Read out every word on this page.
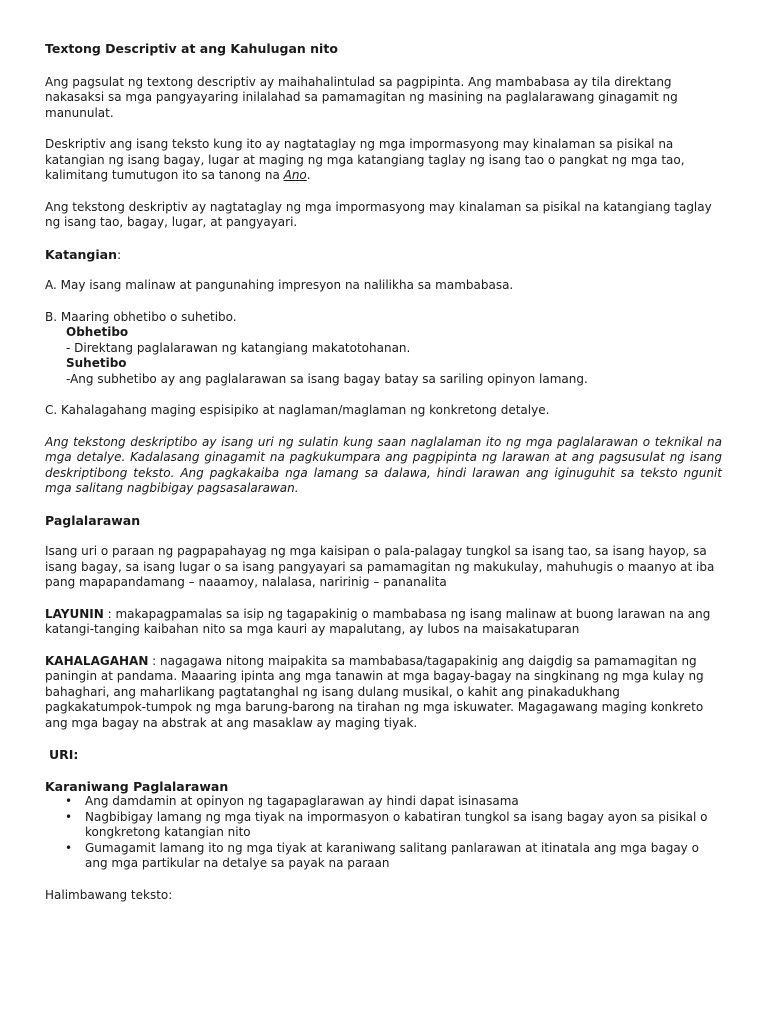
Textong Descriptiv at ang Kahulugan nito

Ang pagsulat ng textong descriptiv ay maihahalintulad sa pagpipinta. Ang mambabasa ay tila direktang nakasaksi sa mga pangyayaring inilalahad sa pamamagitan ng masining na paglalarawang ginagamit ng manunulat.

Deskriptiv ang isang teksto kung ito ay nagtataglay ng mga impormasyong may kinalaman sa pisikal na katangian ng isang bagay, lugar at maging ng mga katangiang taglay ng isang tao o pangkat ng mga tao, kalimitang tumutugon ito sa tanong na Ano.

Ang tekstong deskriptiv ay nagtataglay ng mga impormasyong may kinalaman sa pisikal na katangiang taglay ng isang tao, bagay, lugar, at pangyayari.

Katangian:

A. May isang malinaw at pangunahing impresyon na nalilikha sa mambabasa.

B. Maaring obhetibo o suhetibo.

Obhetibo

- Direktang paglalarawan ng katangiang makatotohanan.

Suhetibo

-Ang subhetibo ay ang paglalarawan sa isang bagay batay sa sariling opinyon lamang.

C. Kahalagahang maging espisipiko at naglaman/maglaman ng konkretong detalye.

Ang tekstong deskriptibo ay isang uri ng sulatin kung saan naglalaman ito ng mga paglalarawan o teknikal na mga detalye. Kadalasang ginagamit na pagkukumpara ang pagpipinta ng larawan at ang pagsusulat ng isang deskriptibong teksto. Ang pagkakaiba nga lamang sa dalawa, hindi larawan ang iginuguhit sa teksto ngunit mga salitang nagbibigay pagsasalarawan.

Paglalarawan

Isang uri o paraan ng pagpapahayag ng mga kaisipan o pala-palagay tungkol sa isang tao, sa isang hayop, sa isang bagay, sa isang lugar o sa isang pangyayari sa pamamagitan ng makukulay, mahuhugis o maanyo at iba pang mapapandamang – naaamoy, nalalasa, naririnig – pananalita

LAYUNIN : makapagpamalas sa isip ng tagapakinig o mambabasa ng isang malinaw at buong larawan na ang katangi-tanging kaibahan nito sa mga kauri ay mapalutang, ay lubos na maisakatuparan

KAHALAGAHAN : nagagawa nitong maipakita sa mambabasa/tagapakinig ang daigdig sa pamamagitan ng paningin at pandama. Maaaring ipinta ang mga tanawin at mga bagay-bagay na singkinang ng mga kulay ng bahaghari, ang maharlikang pagtatanghal ng isang dulang musikal, o kahit ang pinakadukhang pagkakatumpok-tumpok ng mga barung-barong na tirahan ng mga iskuwater. Magagawang maging konkreto ang mga bagay na abstrak at ang masaklaw ay maging tiyak.

URI:

Karaniwang Paglalarawan

• Ang damdamin at opinyon ng tagapaglarawan ay hindi dapat isinasama
• Nagbibigay lamang ng mga tiyak na impormasyon o kabatiran tungkol sa isang bagay ayon sa pisikal o kongkretong katangian nito
• Gumagamit lamang ito ng mga tiyak at karaniwang salitang panlarawan at itinatala ang mga bagay o ang mga partikular na detalye sa payak na paraan

Halimbawang teksto:
